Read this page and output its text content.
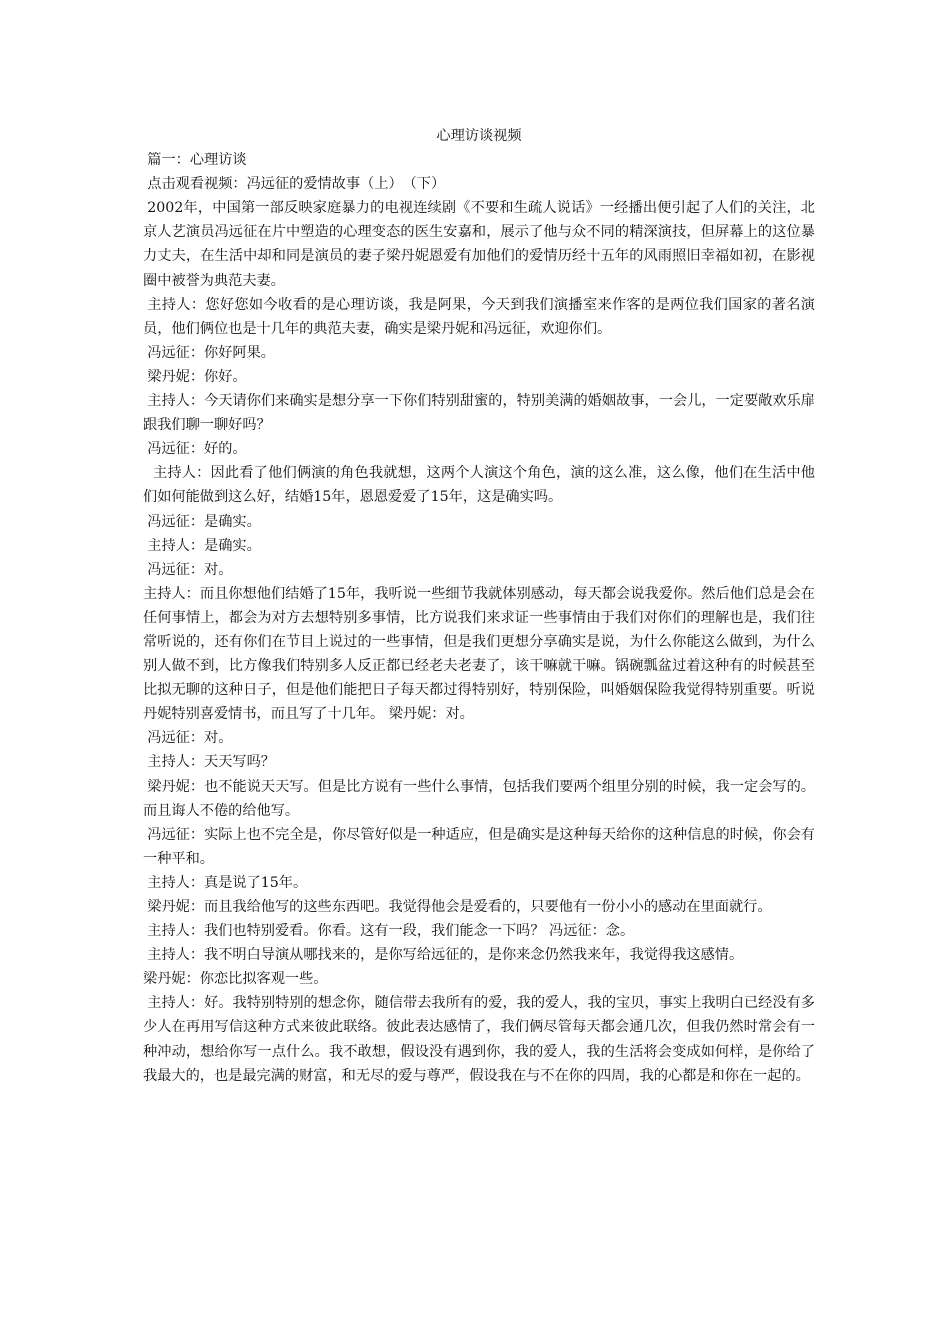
心理访谈视频

篇一：心理访谈

点击观看视频：冯远征的爱情故事（上）　（下）

2002年，中国第一部反映家庭暴力的电视连续剧《不要和生疏人说话》一经播出便引起了人们的关注，北京人艺演员冯远征在片中塑造的心理变态的医生安嘉和，展示了他与众不同的精深演技，但屏幕上的这位暴力丈夫，在生活中却和同是演员的妻子梁丹妮恩爱有加他们的爱情历经十五年的风雨照旧幸福如初，在影视圈中被誉为典范夫妻。

主持人：您好您如今收看的是心理访谈，我是阿果，今天到我们演播室来作客的是两位我们国家的著名演员，他们俩位也是十几年的典范夫妻，确实是梁丹妮和冯远征，欢迎你们。

冯远征：你好阿果。

梁丹妮：你好。

主持人：今天请你们来确实是想分享一下你们特别甜蜜的，特别美满的婚姻故事，一会儿，一定要敞欢乐扉跟我们聊一聊好吗？

冯远征：好的。

主持人：因此看了他们俩演的角色我就想，这两个人演这个角色，演的这么准，这么像，他们在生活中他们如何能做到这么好，结婚15年，恩恩爱爱了15年，这是确实吗。

冯远征：是确实。

主持人：是确实。

冯远征：对。

主持人：而且你想他们结婚了15年，我听说一些细节我就体别感动，每天都会说我爱你。然后他们总是会在任何事情上，都会为对方去想特别多事情，比方说我们来求证一些事情由于我们对你们的理解也是，我们往常听说的，还有你们在节目上说过的一些事情，但是我们更想分享确实是说，为什么你能这么做到，为什么别人做不到，比方像我们特别多人反正都已经老夫老妻了，该干嘛就干嘛。锅碗瓢盆过着这种有的时候甚至比拟无聊的这种日子，但是他们能把日子每天都过得特别好，特别保险，叫婚姻保险我觉得特别重要。听说丹妮特别喜爱情书，而且写了十几年。 梁丹妮：对。

冯远征：对。

主持人：天天写吗？

梁丹妮：也不能说天天写。但是比方说有一些什么事情，包括我们要两个组里分别的时候，我一定会写的。而且诲人不倦的给他写。

冯远征：实际上也不完全是，你尽管好似是一种适应，但是确实是这种每天给你的这种信息的时候，你会有一种平和。

主持人：真是说了15年。

梁丹妮：而且我给他写的这些东西吧。我觉得他会是爱看的，只要他有一份小小的感动在里面就行。

主持人：我们也特别爱看。你看。这有一段，我们能念一下吗？ 冯远征：念。

主持人：我不明白导演从哪找来的，是你写给远征的，是你来念仍然我来年，我觉得我这感情。

梁丹妮：你恋比拟客观一些。

主持人：好。我特别特别的想念你，随信带去我所有的爱，我的爱人，我的宝贝，事实上我明白已经没有多少人在再用写信这种方式来彼此联络。彼此表达感情了，我们俩尽管每天都会通几次，但我仍然时常会有一种冲动，想给你写一点什么。我不敢想，假设没有遇到你，我的爱人，我的生活将会变成如何样，是你给了我最大的，也是最完满的财富，和无尽的爱与尊严，假设我在与不在你的四周，我的心都是和你在一起的。
